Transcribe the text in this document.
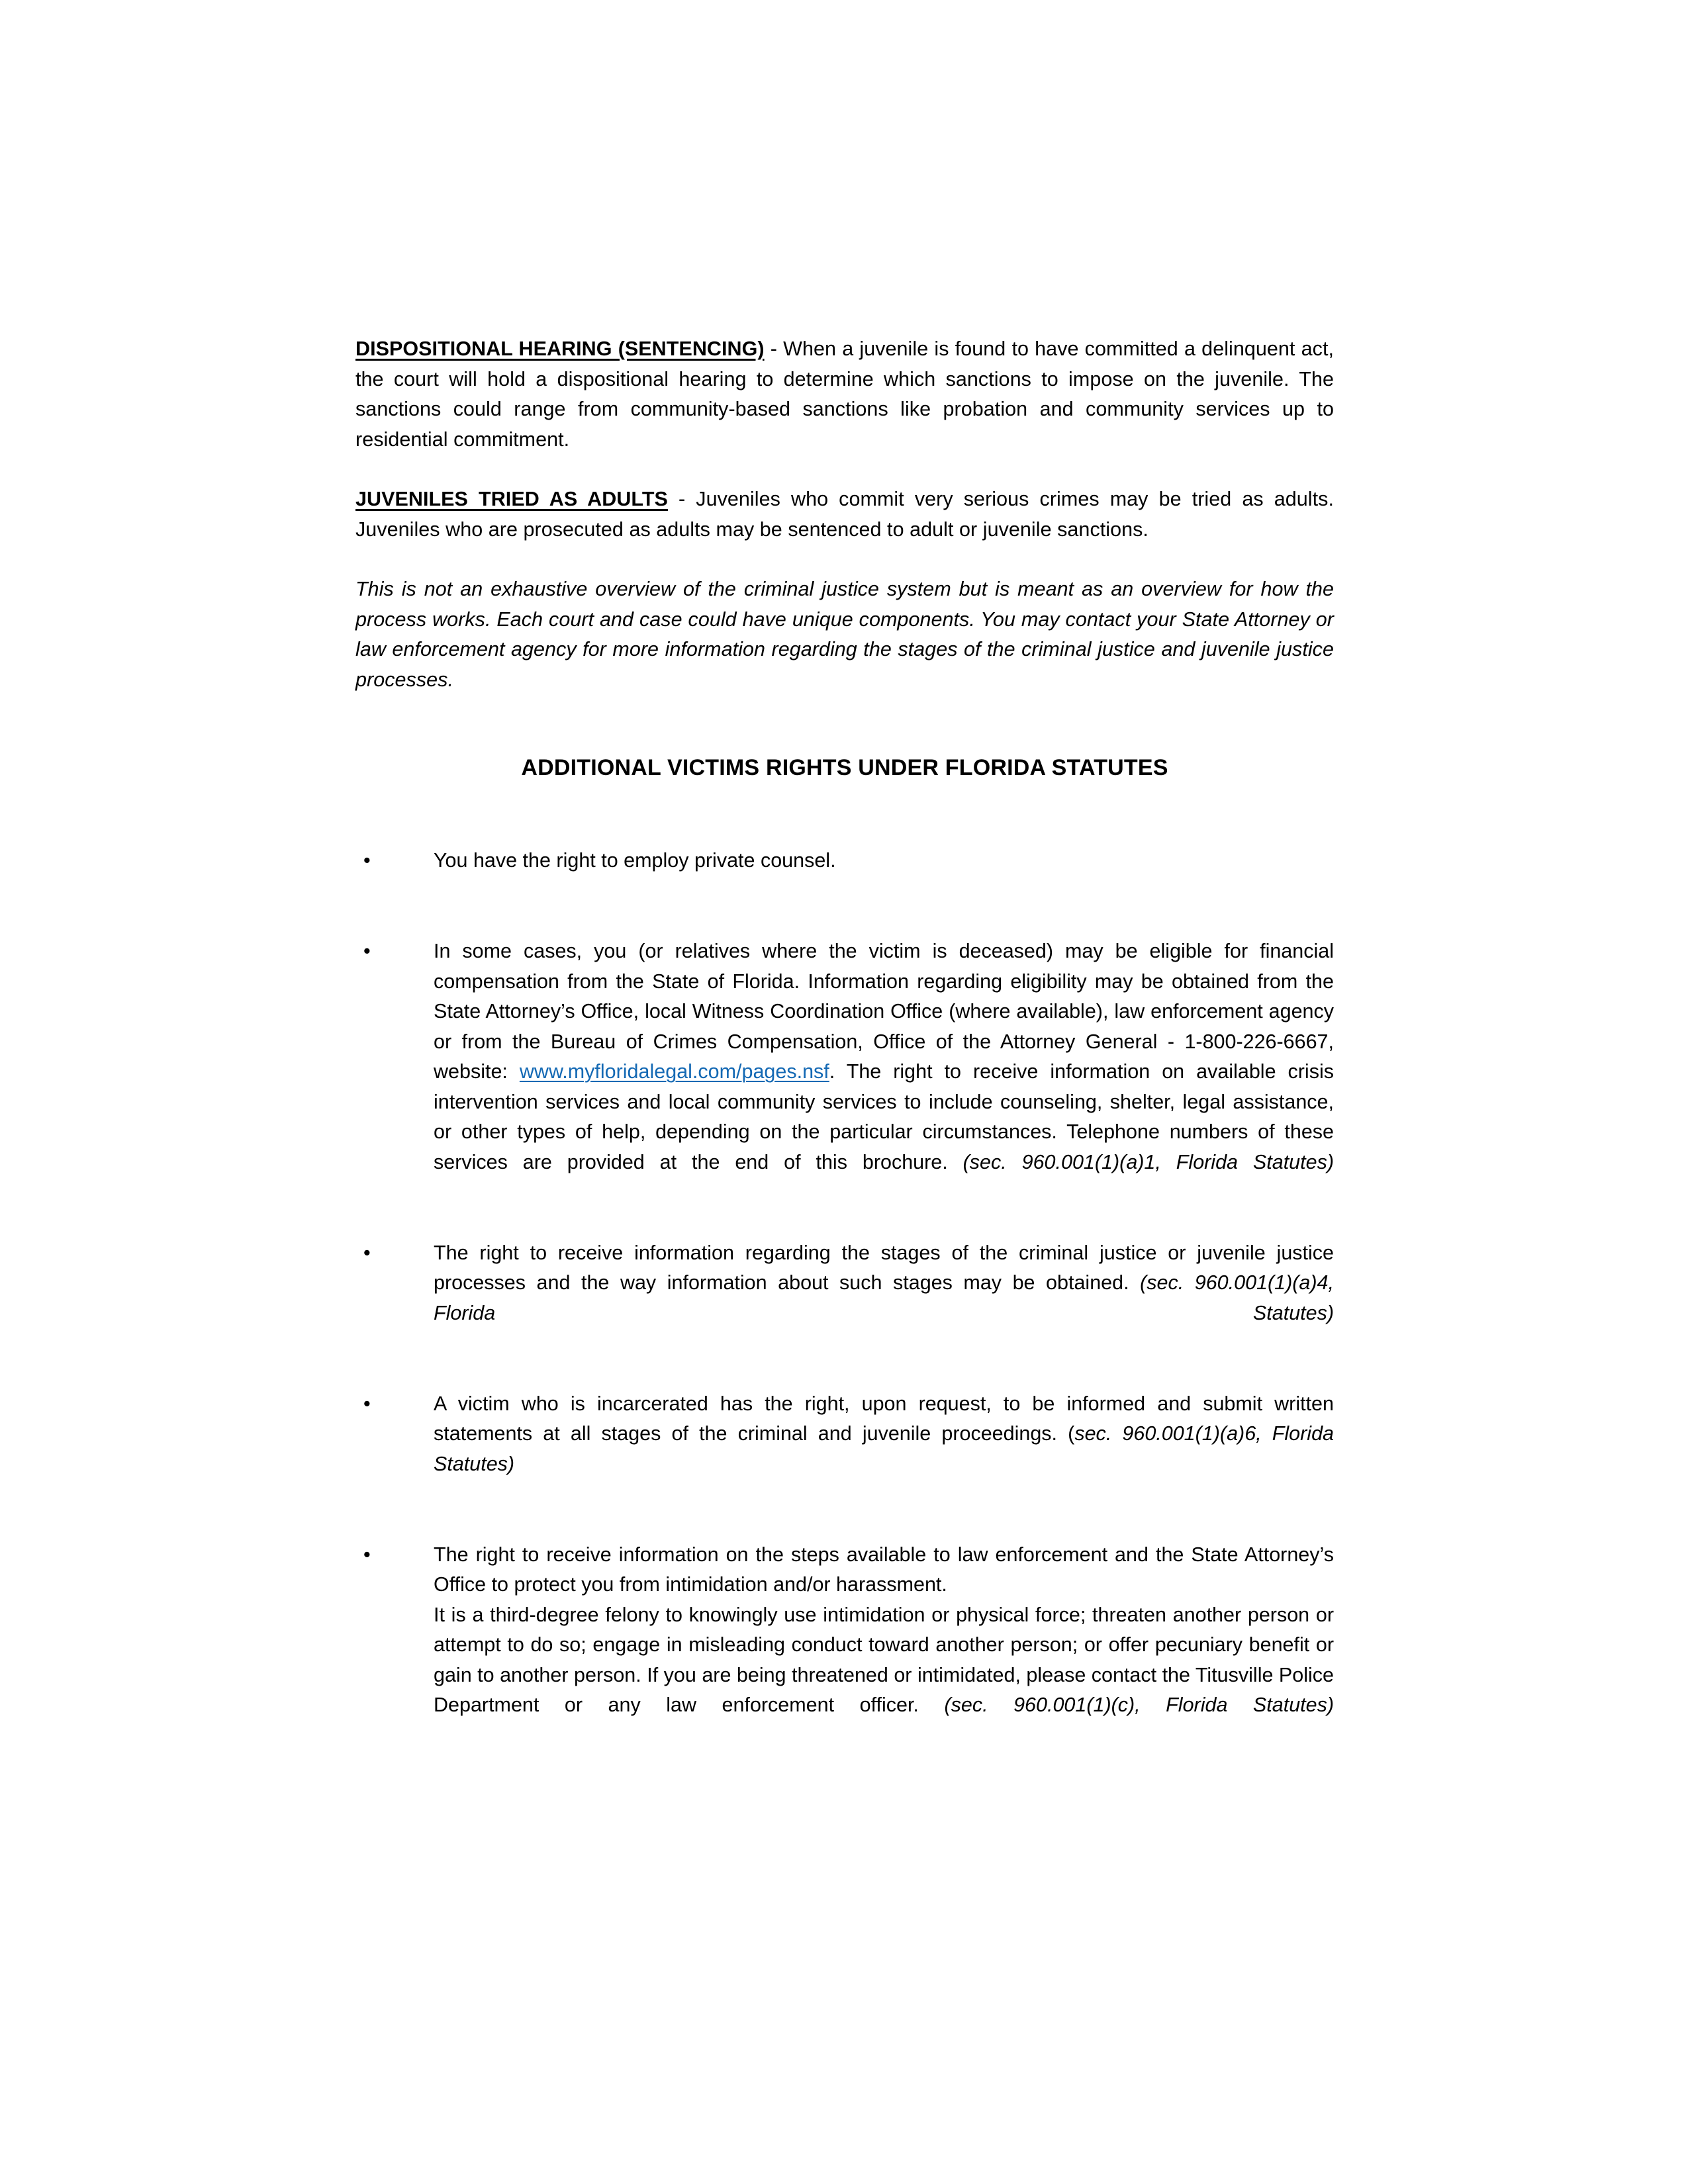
DISPOSITIONAL HEARING (SENTENCING) - When a juvenile is found to have committed a delinquent act, the court will hold a dispositional hearing to determine which sanctions to impose on the juvenile. The sanctions could range from community-based sanctions like probation and community services up to residential commitment.

JUVENILES TRIED AS ADULTS - Juveniles who commit very serious crimes may be tried as adults. Juveniles who are prosecuted as adults may be sentenced to adult or juvenile sanctions.

This is not an exhaustive overview of the criminal justice system but is meant as an overview for how the process works. Each court and case could have unique components. You may contact your State Attorney or law enforcement agency for more information regarding the stages of the criminal justice and juvenile justice processes.

ADDITIONAL VICTIMS RIGHTS UNDER FLORIDA STATUTES
•	You have the right to employ private counsel.
•	In some cases, you (or relatives where the victim is deceased) may be eligible for financial compensation from the State of Florida. Information regarding eligibility may be obtained from the State Attorney’s Office, local Witness Coordination Office (where available), law enforcement agency or from the Bureau of Crimes Compensation, Office of the Attorney General - 1-800-226-6667, website: www.myfloridalegal.com/pages.nsf. The right to receive information on available crisis intervention services and local community services to include counseling, shelter, legal assistance, or other types of help, depending on the particular circumstances. Telephone numbers of these services are provided at the end of this brochure. (sec. 960.001(1)(a)1, Florida Statutes)
•	The right to receive information regarding the stages of the criminal justice or juvenile justice processes and the way information about such stages may be obtained. (sec. 960.001(1)(a)4, Florida Statutes)
•	A victim who is incarcerated has the right, upon request, to be informed and submit written statements at all stages of the criminal and juvenile proceedings. (sec. 960.001(1)(a)6, Florida Statutes)
•	The right to receive information on the steps available to law enforcement and the State Attorney’s Office to protect you from intimidation and/or harassment.
It is a third-degree felony to knowingly use intimidation or physical force; threaten another person or attempt to do so; engage in misleading conduct toward another person; or offer pecuniary benefit or gain to another person. If you are being threatened or intimidated, please contact the Titusville Police Department or any law enforcement officer. (sec. 960.001(1)(c), Florida Statutes)
